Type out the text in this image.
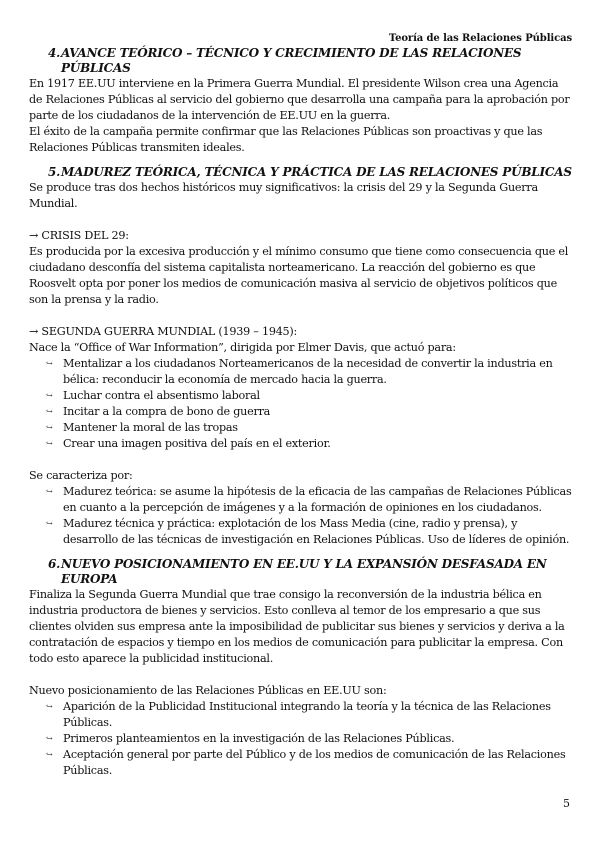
Teoría de las Relaciones Públicas
4. AVANCE TEÓRICO – TÉCNICO Y CRECIMIENTO DE LAS RELACIONES PÚBLICAS

En 1917 EE.UU interviene en la Primera Guerra Mundial. El presidente Wilson crea una Agencia de Relaciones Públicas al servicio del gobierno que desarrolla una campaña para la aprobación por parte de los ciudadanos de la intervención de EE.UU en la guerra.

El éxito de la campaña permite confirmar que las Relaciones Públicas son proactivas y que las Relaciones Públicas transmiten ideales.

5. MADUREZ TEÓRICA, TÉCNICA Y PRÁCTICA DE LAS RELACIONES PÚBLICAS

Se produce tras dos hechos históricos muy significativos: la crisis del 29 y la Segunda Guerra Mundial.

→ CRISIS DEL 29:

Es producida por la excesiva producción y el mínimo consumo que tiene como consecuencia que el ciudadano desconfía del sistema capitalista norteamericano. La reacción del gobierno es que Roosvelt opta por poner los medios de comunicación masiva al servicio de objetivos políticos que son la prensa y la radio.

→ SEGUNDA GUERRA MUNDIAL (1939 – 1945):

Nace la “Office of War Information”, dirigida por Elmer Davis, que actuó para:

↪ Mentalizar a los ciudadanos Norteamericanos de la necesidad de convertir la industria en bélica: reconducir la economía de mercado hacia la guerra.
↪ Luchar contra el absentismo laboral
↪ Incitar a la compra de bono de guerra
↪ Mantener la moral de las tropas
↪ Crear una imagen positiva del país en el exterior.

Se caracteriza por:

↪ Madurez teórica: se asume la hipótesis de la eficacia de las campañas de Relaciones Públicas en cuanto a la percepción de imágenes y a la formación de opiniones en los ciudadanos.
↪ Madurez técnica y práctica: explotación de los Mass Media (cine, radio y prensa), y desarrollo de las técnicas de investigación en Relaciones Públicas. Uso de líderes de opinión.
6. NUEVO POSICIONAMIENTO EN EE.UU Y LA EXPANSIÓN DESFASADA EN EUROPA

Finaliza la Segunda Guerra Mundial que trae consigo la reconversión de la industria bélica en industria productora de bienes y servicios. Esto conlleva al temor de los empresario a que sus clientes olviden sus empresa ante la imposibilidad de publicitar sus bienes y servicios y deriva a la contratación de espacios y tiempo en los medios de comunicación para publicitar la empresa. Con todo esto aparece la publicidad institucional.

Nuevo posicionamiento de las Relaciones Públicas en EE.UU son:

↪ Aparición de la Publicidad Institucional integrando la teoría y la técnica de las Relaciones Públicas.
↪ Primeros planteamientos en la investigación de las Relaciones Públicas.
↪ Aceptación general por parte del Público y de los medios de comunicación de las Relaciones Públicas.
5
